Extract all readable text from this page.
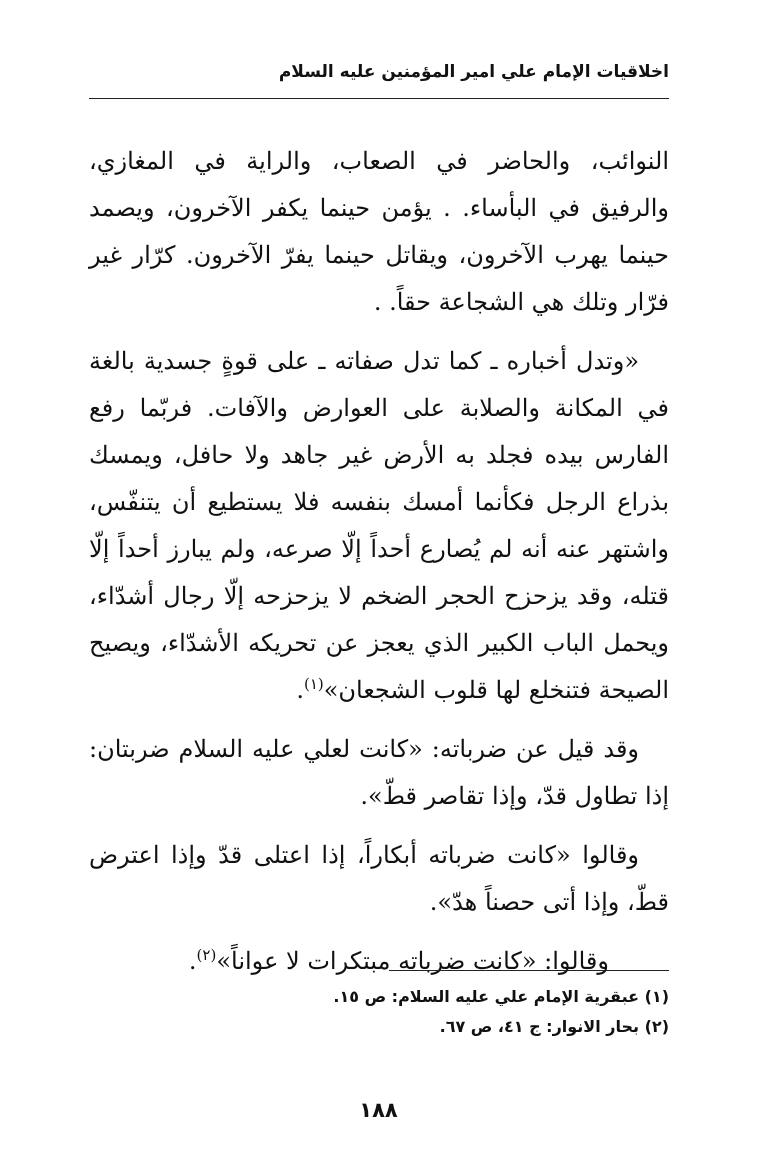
اخلاقيات الإمام علي امير المؤمنين عليه السلام

النوائب، والحاضر في الصعاب، والراية في المغازي، والرفيق في البأساء. . يؤمن حينما يكفر الآخرون، ويصمد حينما يهرب الآخرون، ويقاتل حينما يفرّ الآخرون. كرّار غير فرّار وتلك هي الشجاعة حقاً. .

«وتدل أخباره ـ كما تدل صفاته ـ على قوةٍ جسدية بالغة في المكانة والصلابة على العوارض والآفات. فربّما رفع الفارس بيده فجلد به الأرض غير جاهد ولا حافل، ويمسك بذراع الرجل فكأنما أمسك بنفسه فلا يستطيع أن يتنفّس، واشتهر عنه أنه لم يُصارع أحداً إلّا صرعه، ولم يبارز أحداً إلّا قتله، وقد يزحزح الحجر الضخم لا يزحزحه إلّا رجال أشدّاء، ويحمل الباب الكبير الذي يعجز عن تحريكه الأشدّاء، ويصيح الصيحة فتنخلع لها قلوب الشجعان»$^{(١)}$.

وقد قيل عن ضرباته: «كانت لعلي عليه السلام ضربتان: إذا تطاول قدّ، وإذا تقاصر قطّ».

وقالوا «كانت ضرباته أبكاراً، إذا اعتلى قدّ وإذا اعترض قطّ، وإذا أتى حصناً هدّ».

وقالوا: «كانت ضرباته مبتكرات لا عواناً»$^{(٢)}$.

(١) عبقرية الإمام علي عليه السلام: ص ١٥.
(٢) بحار الانوار: ج ٤١، ص ٦٧.
١٨٨
